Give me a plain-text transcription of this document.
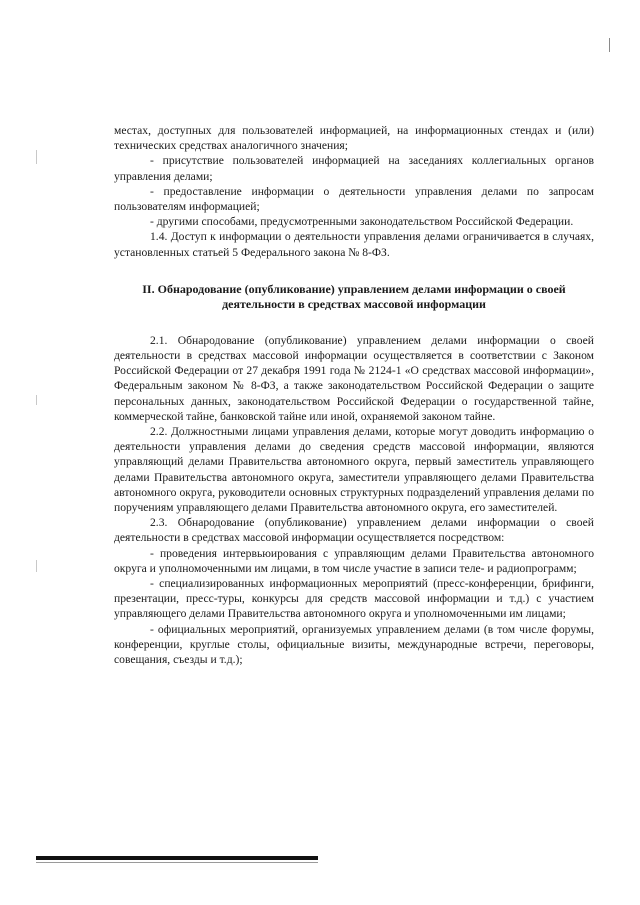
местах, доступных для пользователей информацией, на информационных стендах и (или) технических средствах аналогичного значения;

- присутствие пользователей информацией на заседаниях коллегиальных органов управления делами;

- предоставление информации о деятельности управления делами по запросам пользователям информацией;

- другими способами, предусмотренными законодательством Российской Федерации.

1.4. Доступ к информации о деятельности управления делами ограничивается в случаях, установленных статьей 5 Федерального закона № 8-ФЗ.

II. Обнародование (опубликование) управлением делами информации о своей деятельности в средствах массовой информации

2.1. Обнародование (опубликование) управлением делами информации о своей деятельности в средствах массовой информации осуществляется в соответствии с Законом Российской Федерации от 27 декабря 1991 года № 2124-1 «О средствах массовой информации», Федеральным законом № 8-ФЗ, а также законодательством Российской Федерации о защите персональных данных, законодательством Российской Федерации о государственной тайне, коммерческой тайне, банковской тайне или иной, охраняемой законом тайне.

2.2. Должностными лицами управления делами, которые могут доводить информацию о деятельности управления делами до сведения средств массовой информации, являются управляющий делами Правительства автономного округа, первый заместитель управляющего делами Правительства автономного округа, заместители управляющего делами Правительства автономного округа, руководители основных структурных подразделений управления делами по поручениям управляющего делами Правительства автономного округа, его заместителей.

2.3. Обнародование (опубликование) управлением делами информации о своей деятельности в средствах массовой информации осуществляется посредством:

- проведения интервьюирования с управляющим делами Правительства автономного округа и уполномоченными им лицами, в том числе участие в записи теле- и радиопрограмм;

- специализированных информационных мероприятий (пресс-конференции, брифинги, презентации, пресс-туры, конкурсы для средств массовой информации и т.д.) с участием управляющего делами Правительства автономного округа и уполномоченными им лицами;

- официальных мероприятий, организуемых управлением делами (в том числе форумы, конференции, круглые столы, официальные визиты, международные встречи, переговоры, совещания, съезды и т.д.);
